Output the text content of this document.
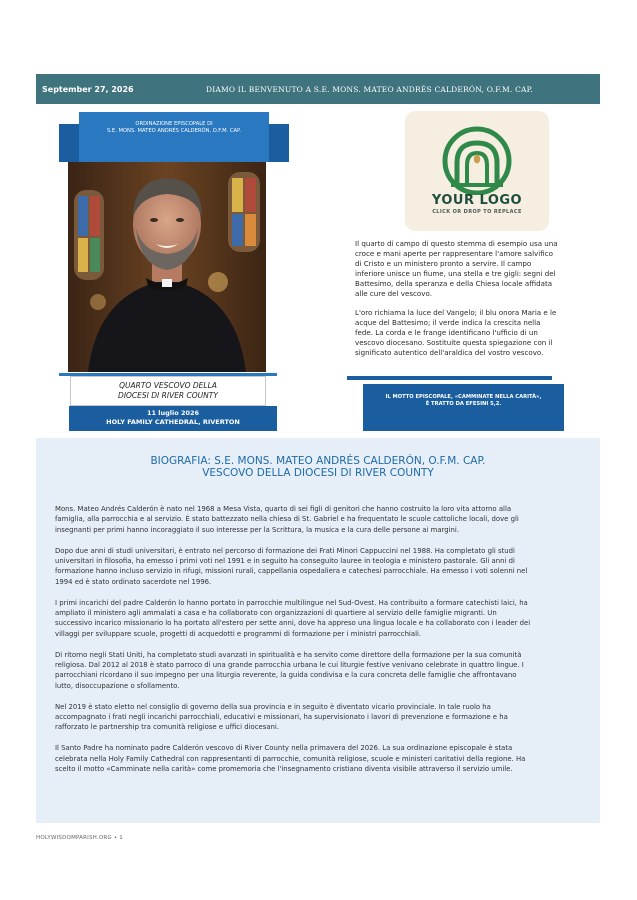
September 27, 2026	DIAMO IL BENVENUTO A S.E. MONS. MATEO ANDRÉS CALDERÓN, O.F.M. CAP.
ORDINAZIONE EPISCOPALE DI
S.E. MONS. MATEO ANDRÉS CALDERÓN, O.F.M. CAP.
QUARTO VESCOVO DELLA
DIOCESI DI RIVER COUNTY
11 luglio 2026
HOLY FAMILY CATHEDRAL, RIVERTON
YOUR LOGO
CLICK OR DROP TO REPLACE

Il quarto di campo di questo stemma di esempio usa una croce e mani aperte per rappresentare l'amore salvifico di Cristo e un ministero pronto a servire. Il campo inferiore unisce un fiume, una stella e tre gigli: segni del Battesimo, della speranza e della Chiesa locale affidata alle cure del vescovo.

L'oro richiama la luce del Vangelo; il blu onora Maria e le acque del Battesimo; il verde indica la crescita nella fede. La corda e le frange identificano l'ufficio di un vescovo diocesano. Sostituite questa spiegazione con il significato autentico dell'araldica del vostro vescovo.

IL MOTTO EPISCOPALE, «CAMMINATE NELLA CARITÀ»,
È TRATTO DA EFESINI 5,2.
BIOGRAFIA: S.E. MONS. MATEO ANDRÉS CALDERÓN, O.F.M. CAP.
VESCOVO DELLA DIOCESI DI RIVER COUNTY

Mons. Mateo Andrés Calderón è nato nel 1968 a Mesa Vista, quarto di sei figli di genitori che hanno costruito la loro vita attorno alla famiglia, alla parrocchia e al servizio. È stato battezzato nella chiesa di St. Gabriel e ha frequentato le scuole cattoliche locali, dove gli insegnanti per primi hanno incoraggiato il suo interesse per la Scrittura, la musica e la cura delle persone ai margini.

Dopo due anni di studi universitari, è entrato nel percorso di formazione dei Frati Minori Cappuccini nel 1988. Ha completato gli studi universitari in filosofia, ha emesso i primi voti nel 1991 e in seguito ha conseguito lauree in teologia e ministero pastorale. Gli anni di formazione hanno incluso servizio in rifugi, missioni rurali, cappellania ospedaliera e catechesi parrocchiale. Ha emesso i voti solenni nel 1994 ed è stato ordinato sacerdote nel 1996.

I primi incarichi del padre Calderón lo hanno portato in parrocchie multilingue nel Sud-Ovest. Ha contribuito a formare catechisti laici, ha ampliato il ministero agli ammalati a casa e ha collaborato con organizzazioni di quartiere al servizio delle famiglie migranti. Un successivo incarico missionario lo ha portato all'estero per sette anni, dove ha appreso una lingua locale e ha collaborato con i leader dei villaggi per sviluppare scuole, progetti di acquedotti e programmi di formazione per i ministri parrocchiali.

Di ritorno negli Stati Uniti, ha completato studi avanzati in spiritualità e ha servito come direttore della formazione per la sua comunità religiosa. Dal 2012 al 2018 è stato parroco di una grande parrocchia urbana le cui liturgie festive venivano celebrate in quattro lingue. I parrocchiani ricordano il suo impegno per una liturgia reverente, la guida condivisa e la cura concreta delle famiglie che affrontavano lutto, disoccupazione o sfollamento.

Nel 2019 è stato eletto nel consiglio di governo della sua provincia e in seguito è diventato vicario provinciale. In tale ruolo ha accompagnato i frati negli incarichi parrocchiali, educativi e missionari, ha supervisionato i lavori di prevenzione e formazione e ha rafforzato le partnership tra comunità religiose e uffici diocesani.

Il Santo Padre ha nominato padre Calderón vescovo di River County nella primavera del 2026. La sua ordinazione episcopale è stata celebrata nella Holy Family Cathedral con rappresentanti di parrocchie, comunità religiose, scuole e ministeri caritativi della regione. Ha scelto il motto «Camminate nella carità» come promemoria che l'insegnamento cristiano diventa visibile attraverso il servizio umile.

HOLYWISDOMPARISH.ORG • 1
